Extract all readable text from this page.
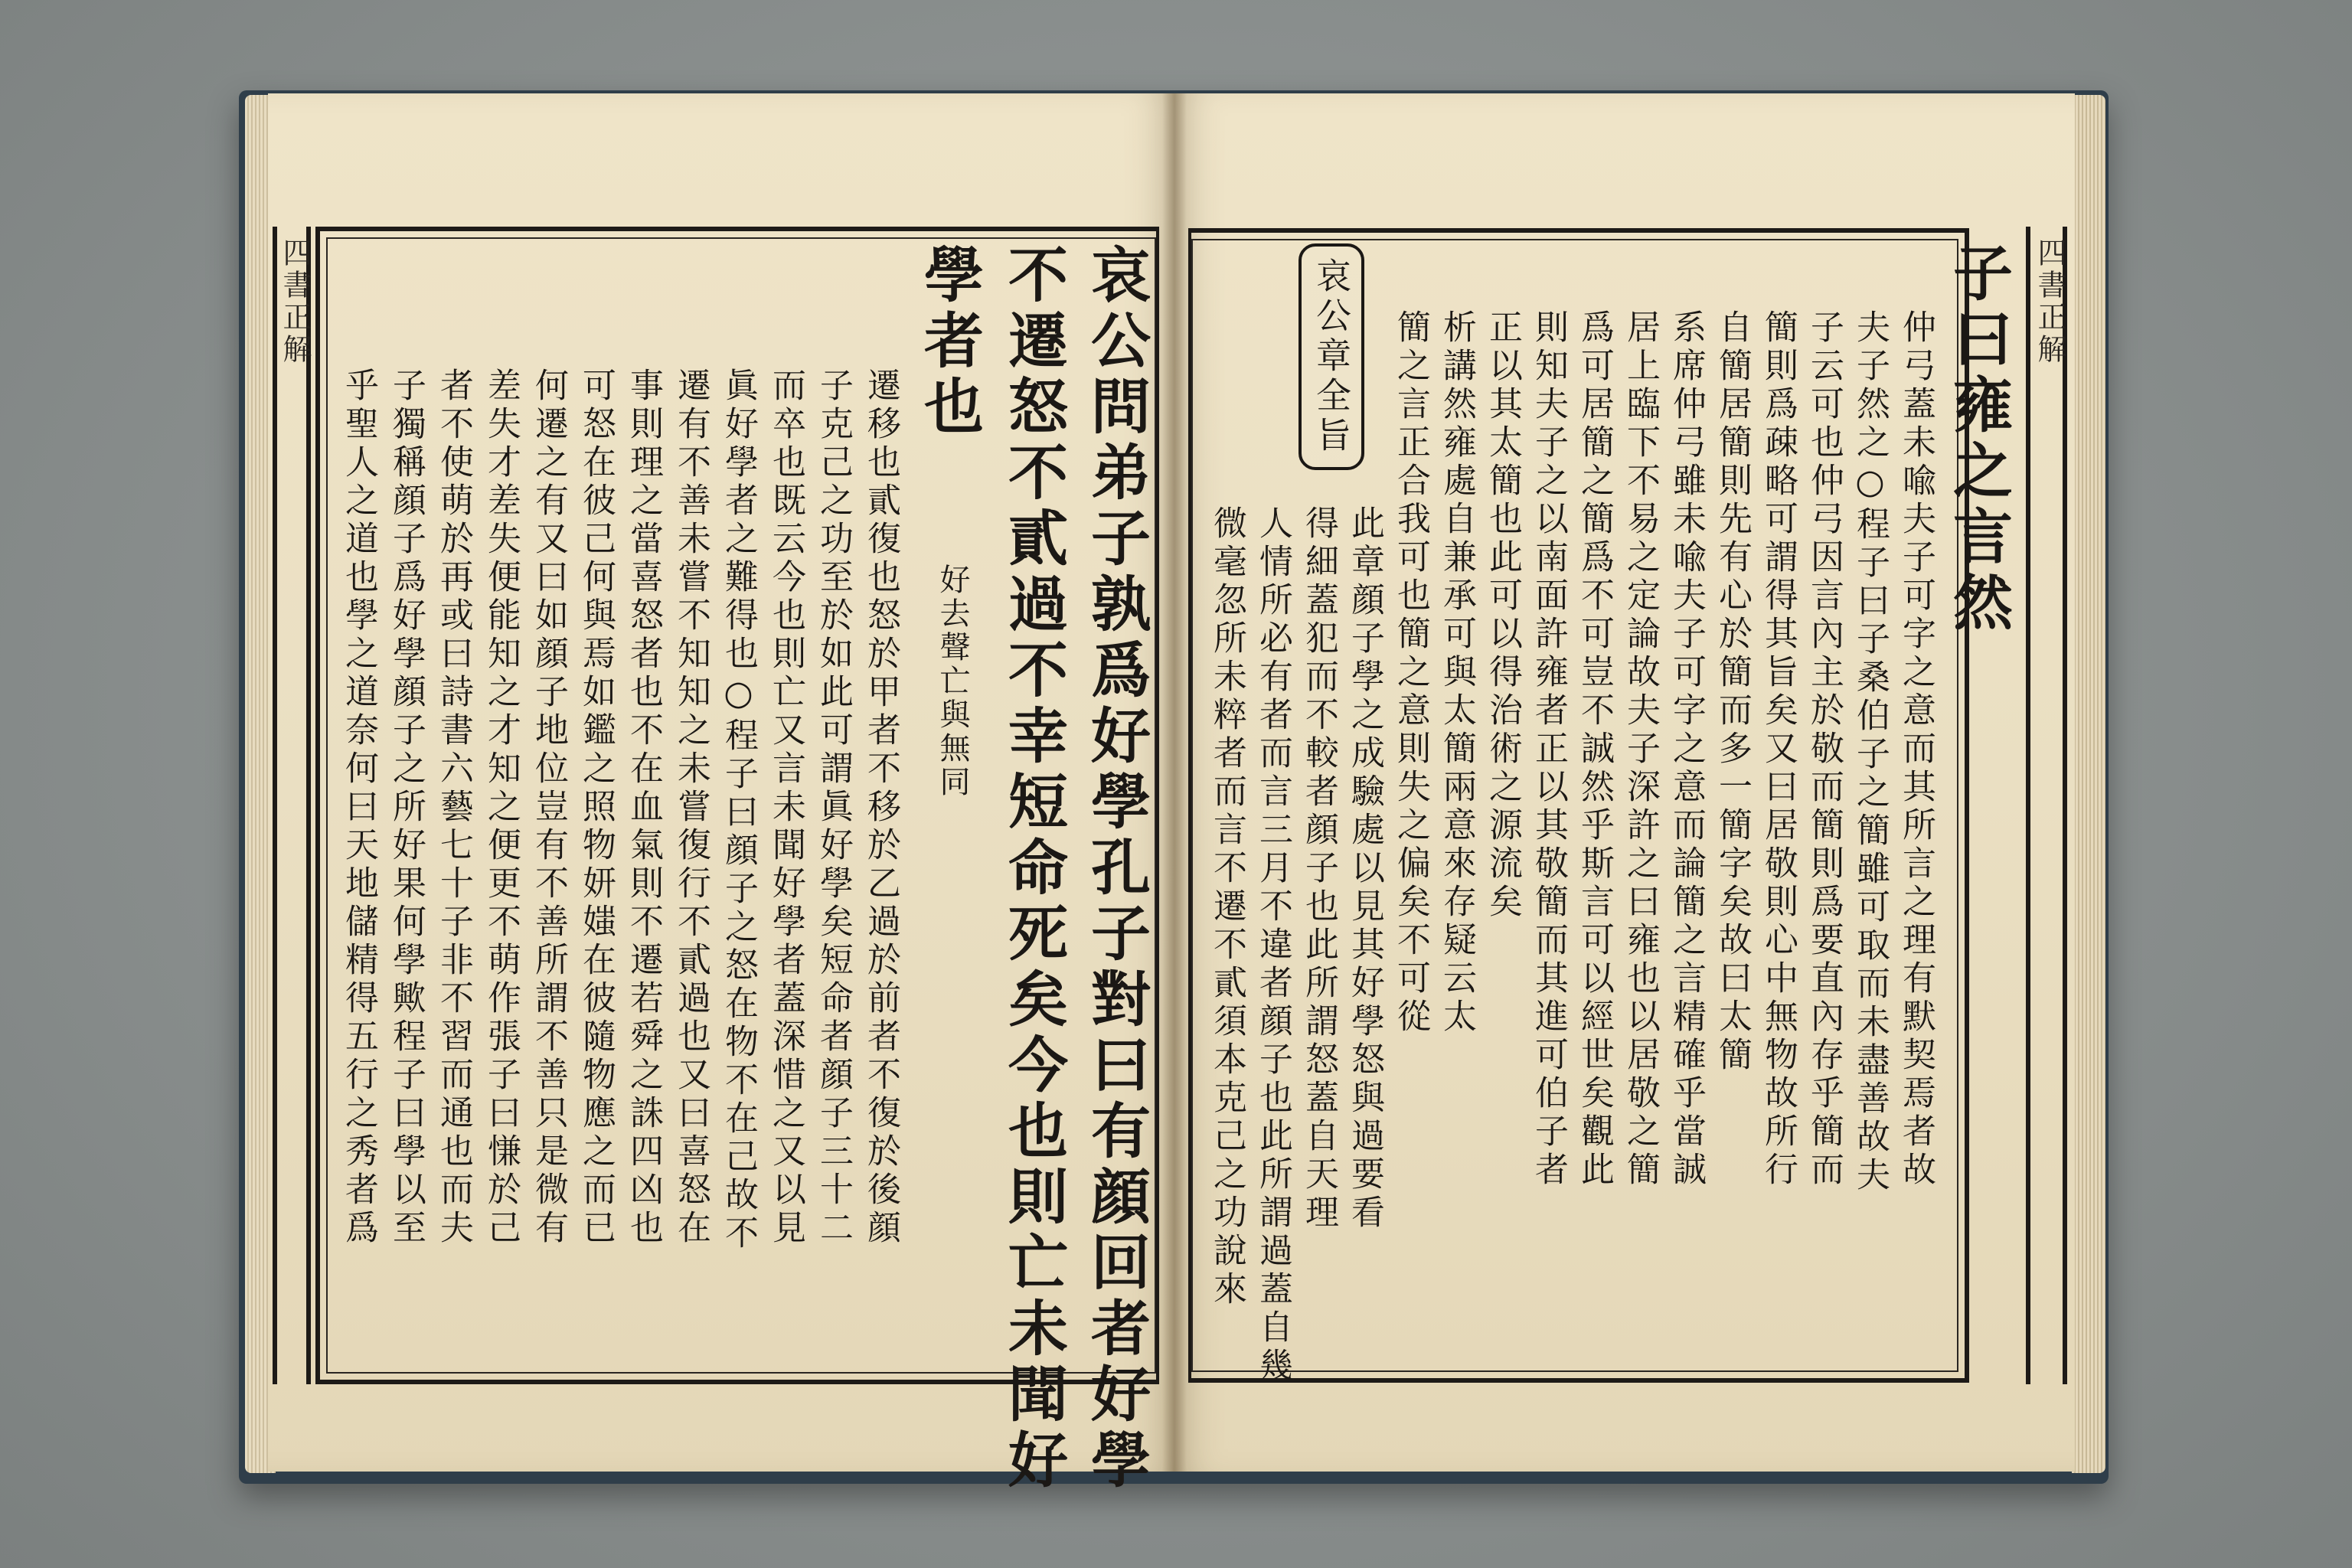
四書正解	哀公問弟子孰爲好學孔子對曰有顔回者好學
不遷怒不貳過不幸短命死矣今也則亡未聞好
學者也
好去聲亡與無同
遷移也貳復也怒於甲者不移於乙過於前者不復於後顔
子克己之功至於如此可謂眞好學矣短命者顔子三十二
而卒也既云今也則亡又言未聞好學者蓋深惜之又以見
眞好學者之難得也○程子曰顔子之怒在物不在己故不
遷有不善未嘗不知知之未嘗復行不貳過也又曰喜怒在
事則理之當喜怒者也不在血氣則不遷若舜之誅四凶也
可怒在彼己何與焉如鑑之照物妍媸在彼隨物應之而已
何遷之有又曰如顔子地位豈有不善所謂不善只是微有
差失才差失便能知之才知之便更不萌作張子曰慊於己
者不使萌於再或曰詩書六藝七十子非不習而通也而夫
子獨稱顔子爲好學顔子之所好果何學歟程子曰學以至
乎聖人之道也學之道奈何曰天地儲精得五行之秀者爲
四書正解
子曰雍之言然
仲弓蓋未喩夫子可字之意而其所言之理有默契焉者故
夫子然之○程子曰子桑伯子之簡雖可取而未盡善故夫
子云可也仲弓因言內主於敬而簡則爲要直內存乎簡而
簡則爲疎略可謂得其旨矣又曰居敬則心中無物故所行
自簡居簡則先有心於簡而多一簡字矣故曰太簡
系席仲弓雖未喩夫子可字之意而論簡之言精確乎當誠
居上臨下不易之定論故夫子深許之曰雍也以居敬之簡
爲可居簡之簡爲不可豈不誠然乎斯言可以經世矣觀此
則知夫子之以南面許雍者正以其敬簡而其進可伯子者
正以其太簡也此可以得治術之源流矣
析講然雍處自兼承可與太簡兩意來存疑云太
簡之言正合我可也簡之意則失之偏矣不可從
哀公章全旨
此章顔子學之成驗處以見其好學怒與過要看
得細蓋犯而不較者顔子也此所謂怒蓋自天理
人情所必有者而言三月不違者顔子也此所謂過蓋自幾
微毫忽所未粹者而言不遷不貳須本克己之功說來
